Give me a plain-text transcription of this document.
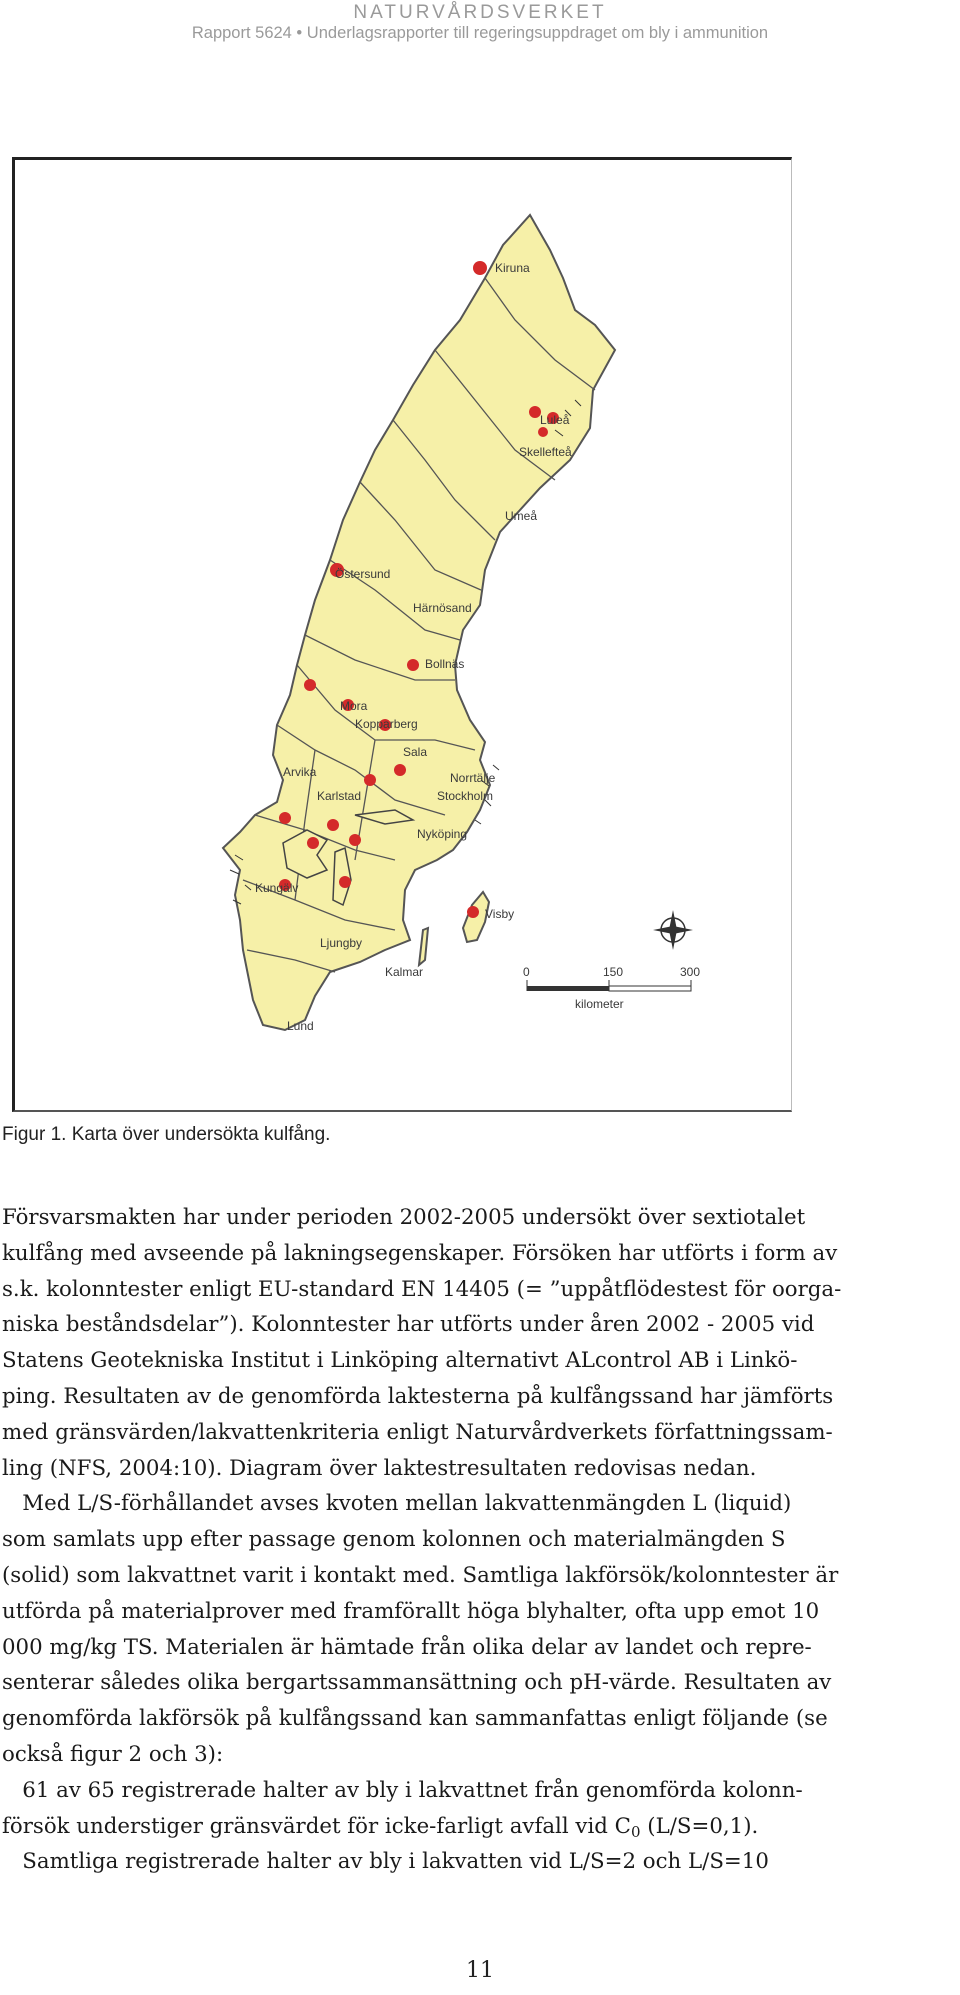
NATURVÅRDSVERKET
Rapport 5624 • Underlagsrapporter till regeringsuppdraget om bly i ammunition
Kiruna
Luleå
Skellefteå
Umeå
Östersund
Härnösand
Bollnäs
Mora
Kopparberg
Sala
Arvika
Karlstad
Norrtälje
Stockholm
Nyköping
Kungälv
Visby
Ljungby
Kalmar
Lund
0	150	300
kilometer
Figur 1. Karta över undersökta kulfång.
Försvarsmakten har under perioden 2002-2005 undersökt över sextiotalet
kulfång med avseende på lakningsegenskaper. Försöken har utförts i form av
s.k. kolonntester enligt EU-standard EN 14405 (= ”uppåtflödestest för oorga-
niska beståndsdelar”). Kolonntester har utförts under åren 2002 - 2005 vid
Statens Geotekniska Institut i Linköping alternativt ALcontrol AB i Linkö-
ping. Resultaten av de genomförda laktesterna på kulfångssand har jämförts
med gränsvärden/lakvattenkriteria enligt Naturvårdverkets författningssam-
ling (NFS, 2004:10). Diagram över laktestresultaten redovisas nedan.
Med L/S-förhållandet avses kvoten mellan lakvattenmängden L (liquid)
som samlats upp efter passage genom kolonnen och materialmängden S
(solid) som lakvattnet varit i kontakt med. Samtliga lakförsök/kolonntester är
utförda på materialprover med framförallt höga blyhalter, ofta upp emot 10
000 mg/kg TS. Materialen är hämtade från olika delar av landet och repre-
senterar således olika bergartssammansättning och pH-värde. Resultaten av
genomförda lakförsök på kulfångssand kan sammanfattas enligt följande (se
också figur 2 och 3):
61 av 65 registrerade halter av bly i lakvattnet från genomförda kolonn-
försök understiger gränsvärdet för icke-farligt avfall vid $C_0$ (L/S=0,1).
Samtliga registrerade halter av bly i lakvatten vid L/S=2 och L/S=10
11
